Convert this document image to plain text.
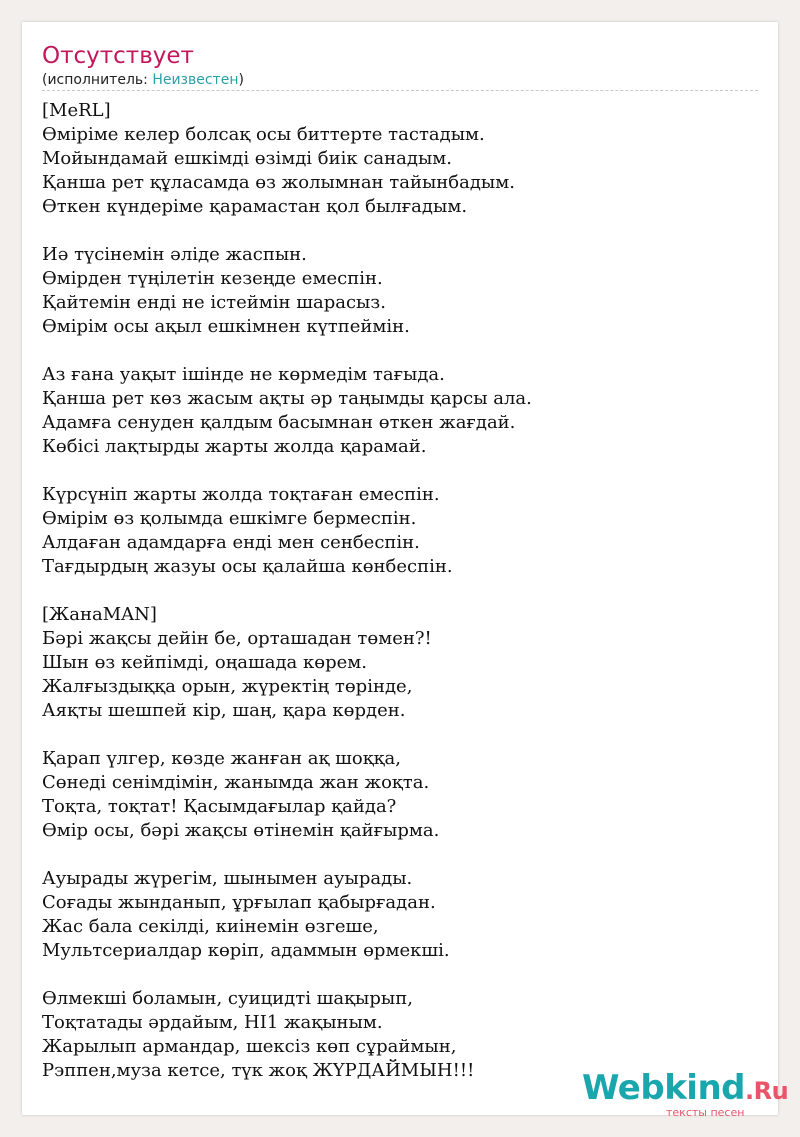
Отсутствует
(исполнитель: Неизвестен)
[MeRL]
Өміріме келер болсақ осы биттерте тастадым.
Мойындамай ешкімді өзімді биік санадым.
Қанша рет құласамда өз жолымнан тайынбадым.
Өткен күндеріме қарамастан қол былғадым.
Иә түсінемін әліде жаспын.
Өмірден түңілетін кезеңде емеспін.
Қайтемін енді не істеймін шарасыз.
Өмірім осы ақыл ешкімнен күтпеймін.
Аз ғана уақыт ішінде не көрмедім тағыда.
Қанша рет көз жасым ақты әр таңымды қарсы ала.
Адамға сенуден қалдым басымнан өткен жағдай.
Көбісі лақтырды жарты жолда қарамай.
Күрсүніп жарты жолда тоқтаған емеспін.
Өмірім өз қолымда ешкімге бермеспін.
Алдаған адамдарға енді мен сенбеспін.
Тағдырдың жазуы осы қалайша көнбеспін.
[ЖанаMAN]
Бәрі жақсы дейін бе, орташадан төмен?!
Шын өз кейпімді, оңашада көрем.
Жалғыздыққа орын, жүректің төрінде,
Аяқты шешпей кір, шаң, қара көрден.
Қарап үлгер, көзде жанған ақ шоққа,
Сөнеді сенімдімін, жанымда жан жоқта.
Тоқта, тоқтат! Қасымдағылар қайда?
Өмір осы, бәрі жақсы өтінемін қайғырма.
Ауырады жүрегім, шынымен ауырады.
Соғады жынданып, ұрғылап қабырғадан.
Жас бала секілді, киінемін өзгеше,
Мультсериалдар көріп, адаммын өрмекші.
Өлмекші боламын, суицидті шақырып,
Тоқтатады әрдайым, НІ1 жақыным.
Жарылып армандар, шексіз көп сұраймын,
Рэппен,муза кетсе, түк жоқ ЖҮРДАЙМЫН!!!	Webkind.Ru
тексты песен
